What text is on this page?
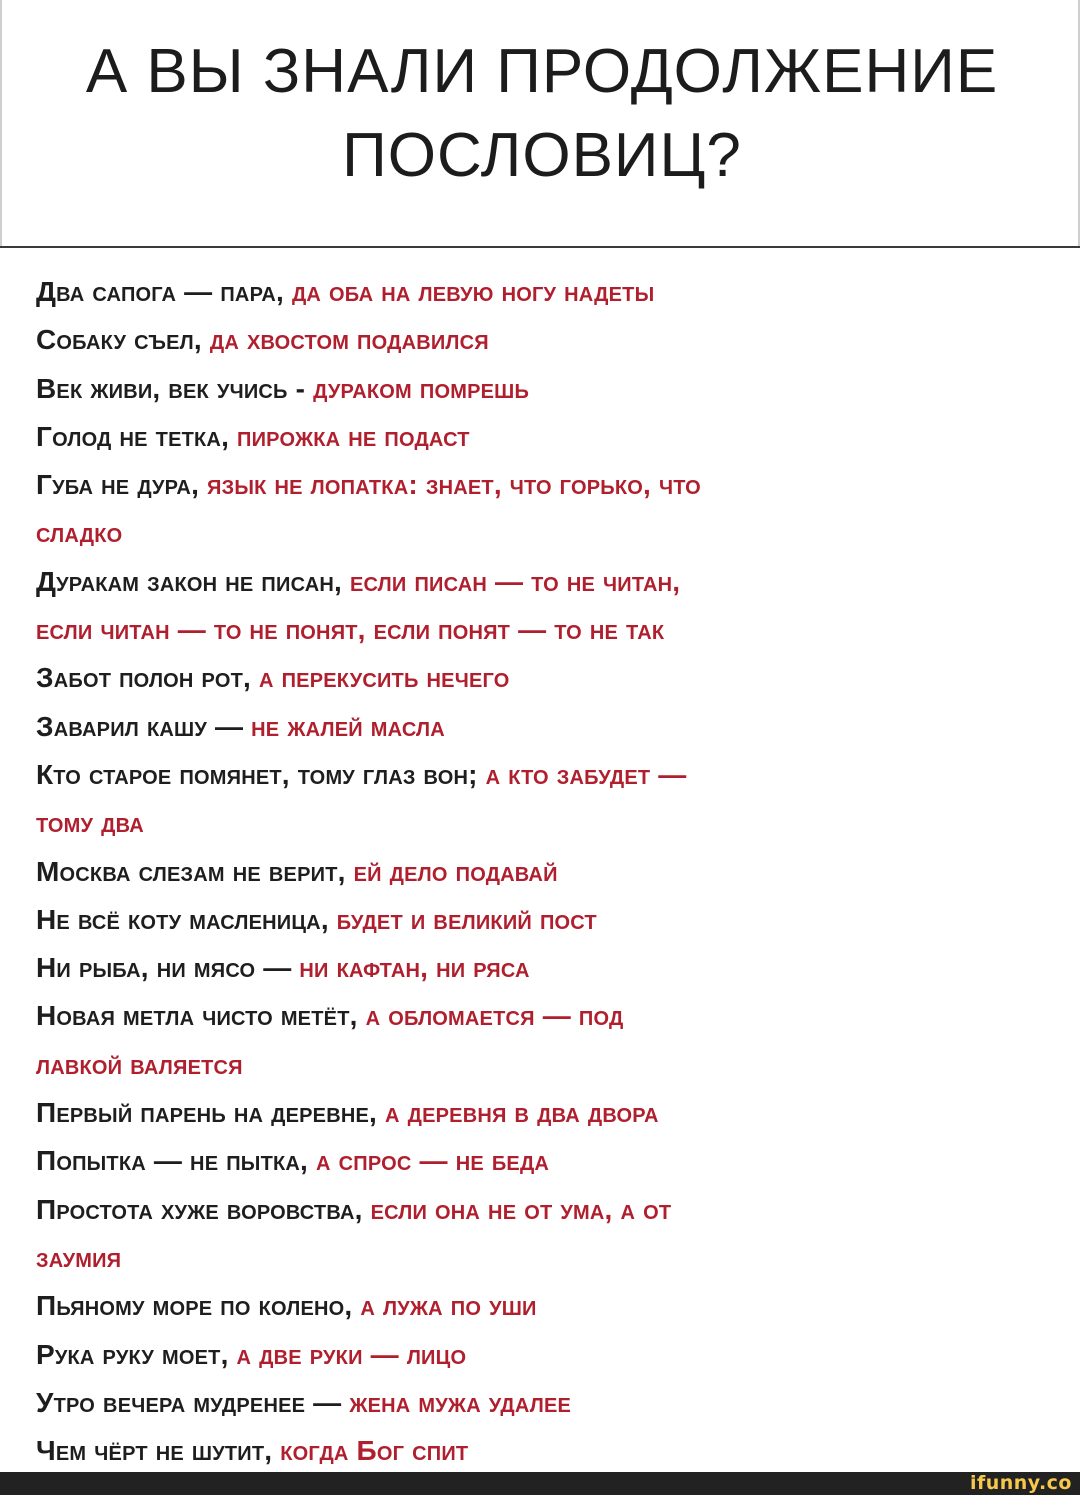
А ВЫ ЗНАЛИ ПРОДОЛЖЕНИЕ
ПОСЛОВИЦ?
Два сапога — пара, да оба на левую ногу надеты
Собаку съел, да хвостом подавился
Век живи, век учись - дураком помрешь
Голод не тетка, пирожка не подаст
Губа не дура, язык не лопатка: знает, что горько, что
сладко
Дуракам закон не писан, если писан — то не читан,
если читан — то не понят, если понят — то не так
Забот полон рот, а перекусить нечего
Заварил кашу — не жалей масла
Кто старое помянет, тому глаз вон; а кто забудет —
тому два
Москва слезам не верит, ей дело подавай
Не всё коту масленица, будет и великий пост
Ни рыба, ни мясо — ни кафтан, ни ряса
Новая метла чисто метёт, а обломается — под
лавкой валяется
Первый парень на деревне, а деревня в два двора
Попытка — не пытка, а спрос — не беда
Простота хуже воровства, если она не от ума, а от
заумия
Пьяному море по колено, а лужа по уши
Рука руку моет, а две руки — лицо
Утро вечера мудренее — жена мужа удалее
Чем чёрт не шутит, когда Бог спит
ifunny.co
